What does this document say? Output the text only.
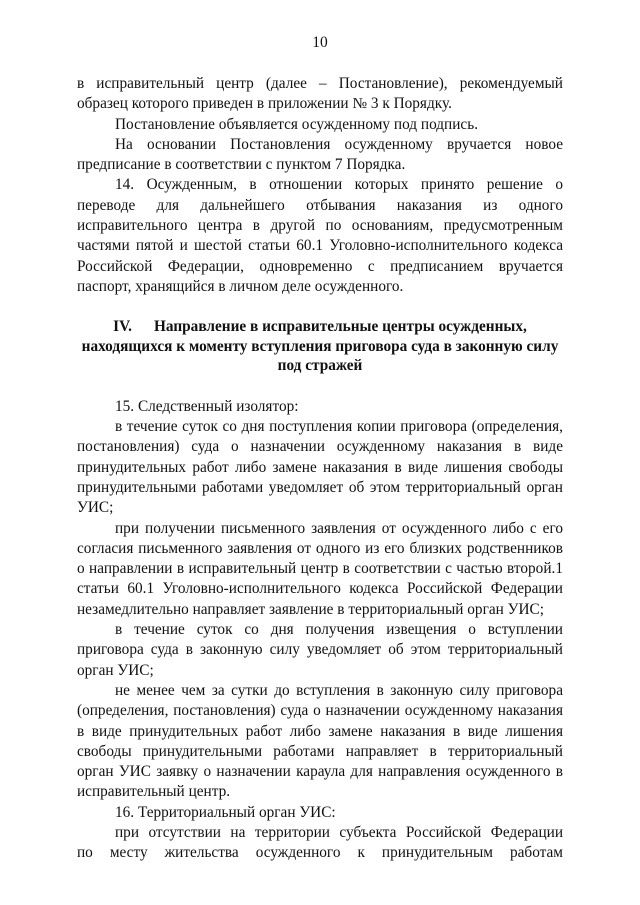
10

в исправительный центр (далее – Постановление), рекомендуемый образец которого приведен в приложении № 3 к Порядку.

Постановление объявляется осужденному под подпись.

На основании Постановления осужденному вручается новое предписание в соответствии с пунктом 7 Порядка.

14. Осужденным, в отношении которых принято решение о переводе для дальнейшего отбывания наказания из одного исправительного центра в другой по основаниям, предусмотренным частями пятой и шестой статьи 60.1 Уголовно-исполнительного кодекса Российской Федерации, одновременно с предписанием вручается паспорт, хранящийся в личном деле осужденного.

IV. Направление в исправительные центры осужденных, находящихся к моменту вступления приговора суда в законную силу под стражей

15. Следственный изолятор:

в течение суток со дня поступления копии приговора (определения, постановления) суда о назначении осужденному наказания в виде принудительных работ либо замене наказания в виде лишения свободы принудительными работами уведомляет об этом территориальный орган УИС;

при получении письменного заявления от осужденного либо с его согласия письменного заявления от одного из его близких родственников о направлении в исправительный центр в соответствии с частью второй.1 статьи 60.1 Уголовно-исполнительного кодекса Российской Федерации незамедлительно направляет заявление в территориальный орган УИС;

в течение суток со дня получения извещения о вступлении приговора суда в законную силу уведомляет об этом территориальный орган УИС;

не менее чем за сутки до вступления в законную силу приговора (определения, постановления) суда о назначении осужденному наказания в виде принудительных работ либо замене наказания в виде лишения свободы принудительными работами направляет в территориальный орган УИС заявку о назначении караула для направления осужденного в исправительный центр.

16. Территориальный орган УИС:

при отсутствии на территории субъекта Российской Федерации

по месту жительства осужденного к принудительным работам
